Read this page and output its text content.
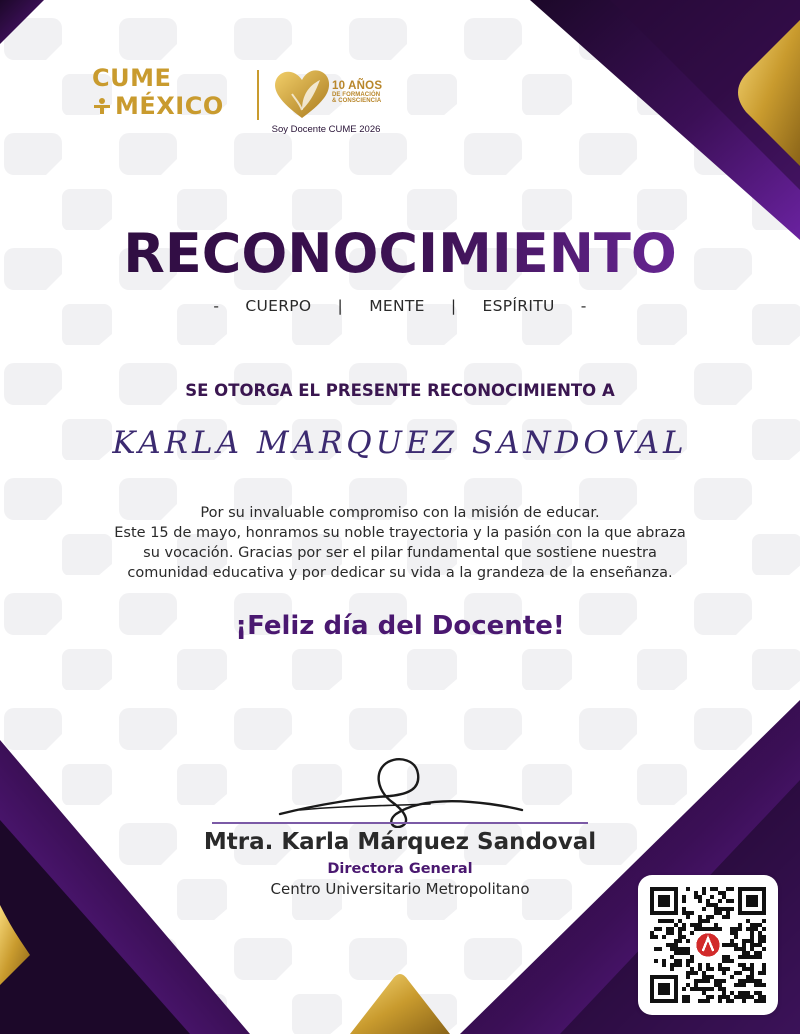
CUME
MÉXICO
10 AÑOS
DE FORMACIÓN
& CONSCIENCIA
Soy Docente CUME 2026
RECONOCIMIENTO
-     CUERPO     |     MENTE     |     ESPÍRITU     -
SE OTORGA EL PRESENTE RECONOCIMIENTO A
KARLA MARQUEZ SANDOVAL
Por su invaluable compromiso con la misión de educar.
Este 15 de mayo, honramos su noble trayectoria y la pasión con la que abraza
su vocación. Gracias por ser el pilar fundamental que sostiene nuestra
comunidad educativa y por dedicar su vida a la grandeza de la enseñanza.
¡Feliz día del Docente!
Mtra. Karla Márquez Sandoval
Directora General
Centro Universitario Metropolitano
